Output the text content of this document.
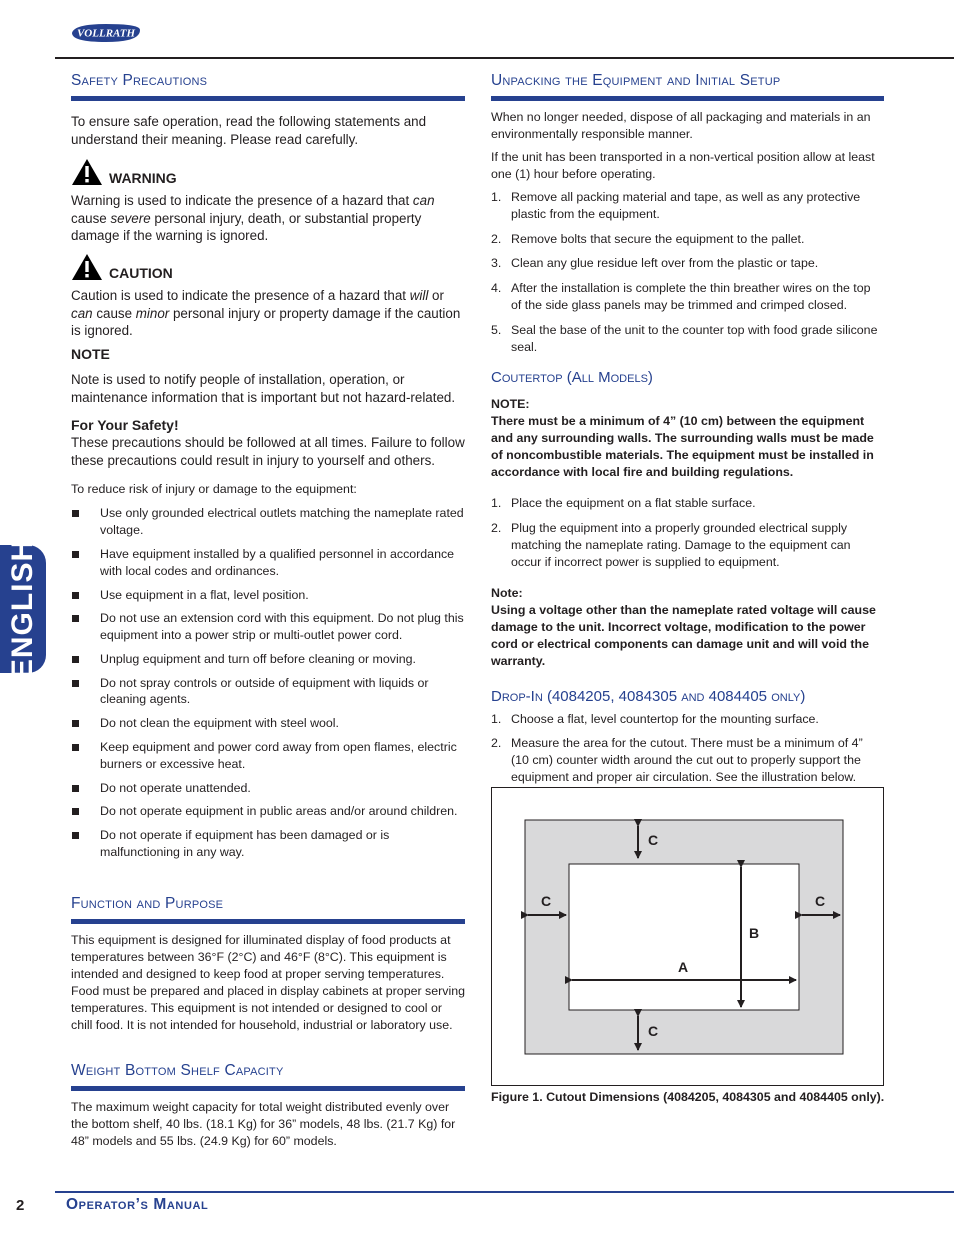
VOLLRATH
ENGLISH
Safety Precautions

To ensure safe operation, read the following statements and understand their meaning. Please read carefully.

WARNING

Warning is used to indicate the presence of a hazard that can cause severe personal injury, death, or substantial property damage if the warning is ignored.

CAUTION

Caution is used to indicate the presence of a hazard that will or can cause minor personal injury or property damage if the caution is ignored.

NOTE

Note is used to notify people of installation, operation, or maintenance information that is important but not hazard-related.

For Your Safety!

These precautions should be followed at all times. Failure to follow these precautions could result in injury to yourself and others.

To reduce risk of injury or damage to the equipment:

Use only grounded electrical outlets matching the nameplate rated voltage.
Have equipment installed by a qualified personnel in accordance with local codes and ordinances.
Use equipment in a flat, level position.
Do not use an extension cord with this equipment. Do not plug this equipment into a power strip or multi-outlet power cord.
Unplug equipment and turn off before cleaning or moving.
Do not spray controls or outside of equipment with liquids or cleaning agents.
Do not clean the equipment with steel wool.
Keep equipment and power cord away from open flames, electric burners or excessive heat.
Do not operate unattended.
Do not operate equipment in public areas and/or around children.
Do not operate if equipment has been damaged or is malfunctioning in any way.
Function and Purpose

This equipment is designed for illuminated display of food products at temperatures between 36°F (2°C) and 46°F (8°C). This equipment is intended and designed to keep food at proper serving temperatures. Food must be prepared and placed in display cabinets at proper serving temperatures. This equipment is not intended or designed to cool or chill food. It is not intended for household, industrial or laboratory use.

Weight Bottom Shelf Capacity

The maximum weight capacity for total weight distributed evenly over the bottom shelf, 40 lbs. (18.1 Kg) for 36” models, 48 lbs. (21.7 Kg) for 48” models and 55 lbs. (24.9 Kg) for 60” models.

Unpacking the Equipment and Initial Setup

When no longer needed, dispose of all packaging and materials in an environmentally responsible manner.

If the unit has been transported in a non-vertical position allow at least one (1) hour before operating.

1. Remove all packing material and tape, as well as any protective plastic from the equipment.
2. Remove bolts that secure the equipment to the pallet.
3. Clean any glue residue left over from the plastic or tape.
4. After the installation is complete the thin breather wires on the top of the side glass panels may be trimmed and crimped closed.
5. Seal the base of the unit to the counter top with food grade silicone seal.
Coutertop (All Models)

NOTE:

There must be a minimum of 4” (10 cm) between the equipment and any surrounding walls. The surrounding walls must be made of noncombustible materials. The equipment must be installed in accordance with local fire and building regulations.

1. Place the equipment on a flat stable surface.
2. Plug the equipment into a properly grounded electrical supply matching the nameplate rating. Damage to the equipment can occur if incorrect power is supplied to equipment.

Note:

Using a voltage other than the nameplate rated voltage will cause damage to the unit. Incorrect voltage, modification to the power cord or electrical components can damage unit and will void the warranty.

Drop-In (4084205, 4084305 and 4084405 only)
1. Choose a flat, level countertop for the mounting surface.
2. Measure the area for the cutout. There must be a minimum of 4” (10 cm) counter width around the cut out to properly support the equipment and proper air circulation. See the illustration below.
C
C	C
B
A
C
Figure 1. Cutout Dimensions (4084205, 4084305 and 4084405 only).
2	Operator’s Manual
